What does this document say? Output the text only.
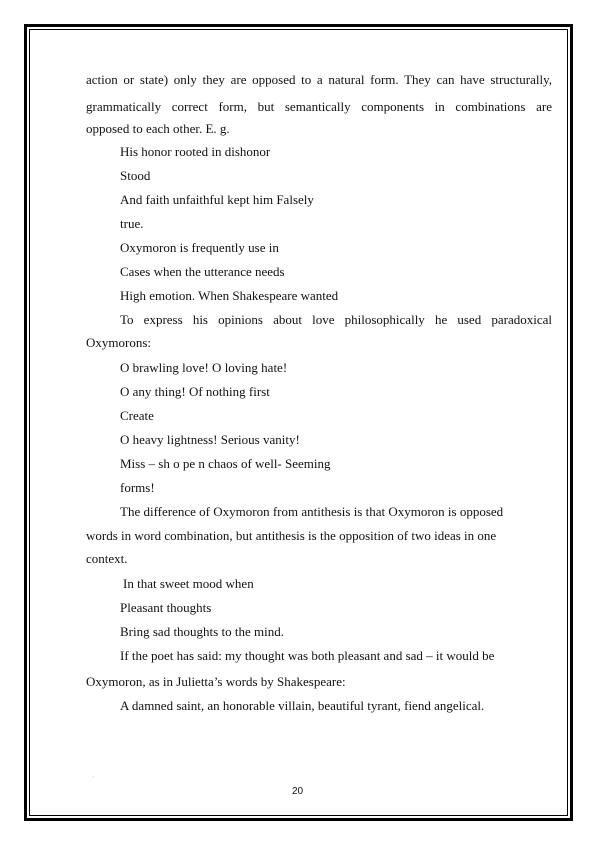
action or state) only they are opposed to a natural form. They can have structurally,
grammatically correct form, but semantically components in combinations are
opposed to each other. E. g.
His honor rooted in dishonor
Stood
And faith unfaithful kept him Falsely
true.
Oxymoron is frequently use in
Cases when the utterance needs
High emotion. When Shakespeare wanted
To express his opinions about love philosophically he used paradoxical
Oxymorons:
O brawling love! O loving hate!
O any thing! Of nothing first
Create
O heavy lightness! Serious vanity!
Miss – sh o pe n chaos of well- Seeming
forms!
The difference of Oxymoron from antithesis is that Oxymoron is opposed
words in word combination, but antithesis is the opposition of two ideas in one
context.
In that sweet mood when
Pleasant thoughts
Bring sad thoughts to the mind.
If the poet has said: my thought was both pleasant and sad – it would be
Oxymoron, as in Julietta’s words by Shakespeare:
A damned saint, an honorable villain, beautiful tyrant, fiend angelical.
·
20
